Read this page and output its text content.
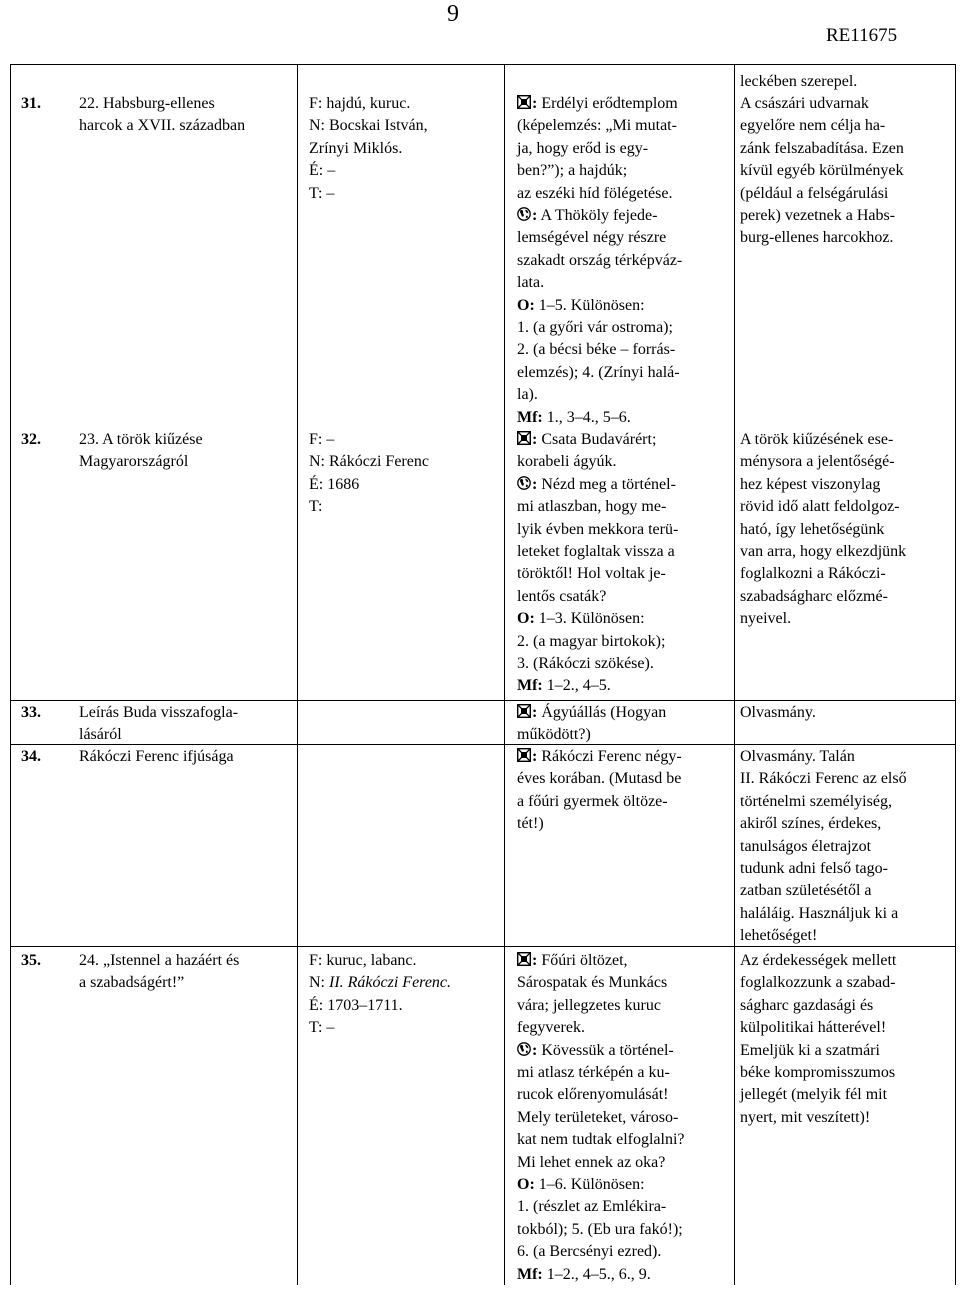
9
RE11675
31. 22. Habsburg-ellenes
harcok a XVII. században
F: hajdú, kuruc.
N: Bocskai István,
Zrínyi Miklós.
É: –
T: –
: Erdélyi erődtemplom
(képelemzés: „Mi mutat-
ja, hogy erőd is egy-
ben?”); a hajdúk;
az eszéki híd fölégetése.
: A Thököly fejede-
lemségével négy részre
szakadt ország térképváz-
lata.
O: 1–5. Különösen:
1. (a győri vár ostroma);
2. (a bécsi béke – forrás-
elemzés); 4. (Zrínyi halá-
la).
Mf: 1., 3–4., 5–6.
leckében szerepel.
A császári udvarnak
egyelőre nem célja ha-
zánk felszabadítása. Ezen
kívül egyéb körülmények
(például a felségárulási
perek) vezetnek a Habs-
burg-ellenes harcokhoz.
32. 23. A török kiűzése
Magyarországról
F: –
N: Rákóczi Ferenc
É: 1686
T:
: Csata Budavárért;
korabeli ágyúk.
: Nézd meg a történel-
mi atlaszban, hogy me-
lyik évben mekkora terü-
leteket foglaltak vissza a
töröktől! Hol voltak je-
lentős csaták?
O: 1–3. Különösen:
2. (a magyar birtokok);
3. (Rákóczi szökése).
Mf: 1–2., 4–5.
A török kiűzésének ese-
ménysora a jelentőségé-
hez képest viszonylag
rövid idő alatt feldolgoz-
ható, így lehetőségünk
van arra, hogy elkezdjünk
foglalkozni a Rákóczi-
szabadságharc előzmé-
nyeivel.
33. Leírás Buda visszafogla-
lásáról
: Ágyúállás (Hogyan
működött?)
Olvasmány.
34. Rákóczi Ferenc ifjúsága	: Rákóczi Ferenc négy-
éves korában. (Mutasd be
a főúri gyermek öltöze-
tét!)
Olvasmány. Talán
II. Rákóczi Ferenc az első
történelmi személyiség,
akiről színes, érdekes,
tanulságos életrajzot
tudunk adni felső tago-
zatban születésétől a
haláláig. Használjuk ki a
lehetőséget!
35. 24. „Istennel a hazáért és
a szabadságért!”
F: kuruc, labanc.
N: II. Rákóczi Ferenc.
É: 1703–1711.
T: –
: Főúri öltözet,
Sárospatak és Munkács
vára; jellegzetes kuruc
fegyverek.
: Kövessük a történel-
mi atlasz térképén a ku-
rucok előrenyomulását!
Mely területeket, városo-
kat nem tudtak elfoglalni?
Mi lehet ennek az oka?
O: 1–6. Különösen:
1. (részlet az Emlékira-
tokból); 5. (Eb ura fakó!);
6. (a Bercsényi ezred).
Mf: 1–2., 4–5., 6., 9.
Az érdekességek mellett
foglalkozzunk a szabad-
ságharc gazdasági és
külpolitikai hátterével!
Emeljük ki a szatmári
béke kompromisszumos
jellegét (melyik fél mit
nyert, mit veszített)!
